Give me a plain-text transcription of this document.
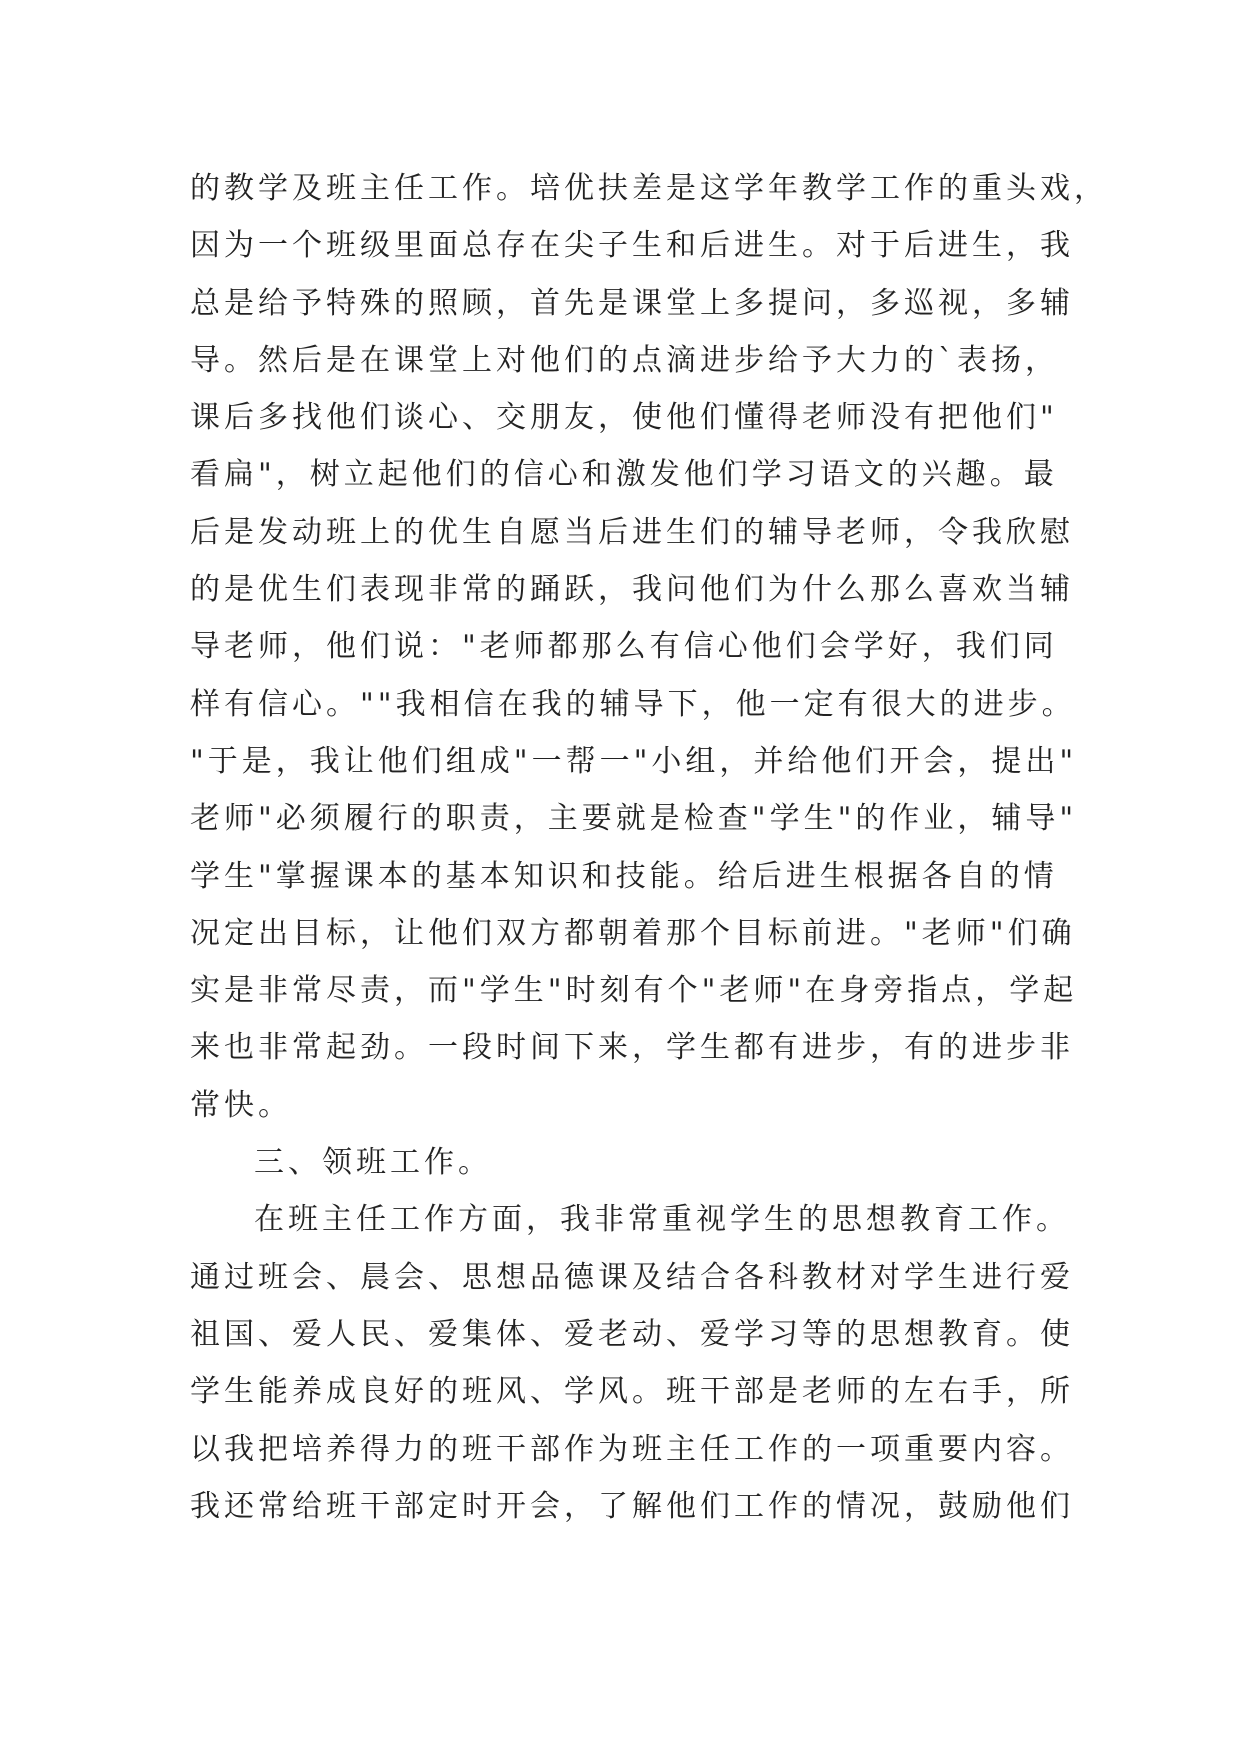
的教学及班主任工作。培优扶差是这学年教学工作的重头戏，
因为一个班级里面总存在尖子生和后进生。对于后进生，我
总是给予特殊的照顾，首先是课堂上多提问，多巡视，多辅
导。然后是在课堂上对他们的点滴进步给予大力的`表扬，
课后多找他们谈心、交朋友，使他们懂得老师没有把他们"
看扁"，树立起他们的信心和激发他们学习语文的兴趣。最
后是发动班上的优生自愿当后进生们的辅导老师，令我欣慰
的是优生们表现非常的踊跃，我问他们为什么那么喜欢当辅
导老师，他们说："老师都那么有信心他们会学好，我们同
样有信心。""我相信在我的辅导下，他一定有很大的进步。
"于是，我让他们组成"一帮一"小组，并给他们开会，提出"
老师"必须履行的职责，主要就是检查"学生"的作业，辅导"
学生"掌握课本的基本知识和技能。给后进生根据各自的情
况定出目标，让他们双方都朝着那个目标前进。"老师"们确
实是非常尽责，而"学生"时刻有个"老师"在身旁指点，学起
来也非常起劲。一段时间下来，学生都有进步，有的进步非
常快。
三、领班工作。
在班主任工作方面，我非常重视学生的思想教育工作。
通过班会、晨会、思想品德课及结合各科教材对学生进行爱
祖国、爱人民、爱集体、爱老动、爱学习等的思想教育。使
学生能养成良好的班风、学风。班干部是老师的左右手，所
以我把培养得力的班干部作为班主任工作的一项重要内容。
我还常给班干部定时开会，了解他们工作的情况，鼓励他们
